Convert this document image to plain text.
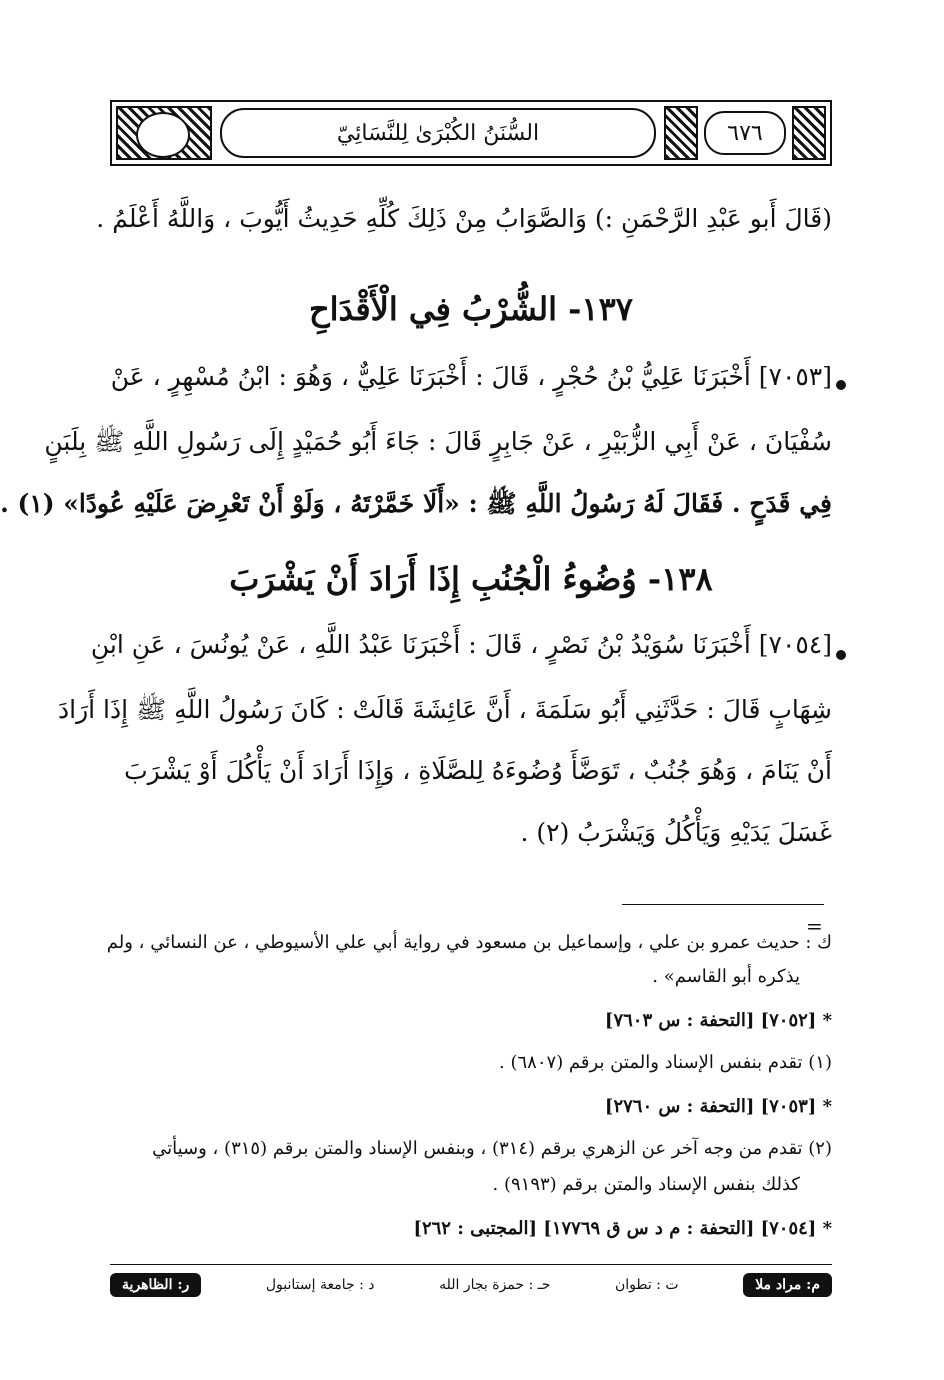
السُّنَنُ الكُبْرَىٰ لِلنَّسَائِيّ	٦٧٦
(قَالَ أَبو عَبْدِ الرَّحْمَنِ :) وَالصَّوَابُ مِنْ ذَلِكَ كُلِّهِ حَدِيثُ أَيُّوبَ ، وَاللَّهُ أَعْلَمُ .
١٣٧- الشُّرْبُ فِي الْأَقْدَاحِ
[٧٠٥٣] أَخْبَرَنَا عَلِيُّ بْنُ حُجْرٍ ، قَالَ : أَخْبَرَنَا عَلِيٌّ ، وَهُوَ : ابْنُ مُسْهِرٍ ، عَنْ
سُفْيَانَ ، عَنْ أَبِي الزُّبَيْرِ ، عَنْ جَابِرٍ قَالَ : جَاءَ أَبُو حُمَيْدٍ إِلَى رَسُولِ اللَّهِ ﷺ بِلَبَنٍ
فِي قَدَحٍ . فَقَالَ لَهُ رَسُولُ اللَّهِ ﷺ : «أَلَا خَمَّرْتَهُ ، وَلَوْ أَنْ تَعْرِضَ عَلَيْهِ عُودًا» (١) .
١٣٨- وُضُوءُ الْجُنُبِ إِذَا أَرَادَ أَنْ يَشْرَبَ
[٧٠٥٤] أَخْبَرَنَا سُوَيْدُ بْنُ نَصْرٍ ، قَالَ : أَخْبَرَنَا عَبْدُ اللَّهِ ، عَنْ يُونُسَ ، عَنِ ابْنِ
شِهَابٍ قَالَ : حَدَّثَنِي أَبُو سَلَمَةَ ، أَنَّ عَائِشَةَ قَالَتْ : كَانَ رَسُولُ اللَّهِ ﷺ إِذَا أَرَادَ
أَنْ يَنَامَ ، وَهُوَ جُنُبٌ ، تَوَضَّأَ وُضُوءَهُ لِلصَّلَاةِ ، وَإِذَا أَرَادَ أَنْ يَأْكُلَ أَوْ يَشْرَبَ
غَسَلَ يَدَيْهِ وَيَأْكُلُ وَيَشْرَبُ (٢) .
=
ك : حديث عمرو بن علي ، وإسماعيل بن مسعود في رواية أبي علي الأسيوطي ، عن النسائي ، ولم
يذكره أبو القاسم» .
* [٧٠٥٢] [التحفة : س ٧٦٠٣]
(١) تقدم بنفس الإسناد والمتن برقم (٦٨٠٧) .
* [٧٠٥٣] [التحفة : س ٢٧٦٠]
(٢) تقدم من وجه آخر عن الزهري برقم (٣١٤) ، وبنفس الإسناد والمتن برقم (٣١٥) ، وسيأتي
كذلك بنفس الإسناد والمتن برقم (٩١٩٣) .
* [٧٠٥٤] [التحفة : م د س ق ١٧٧٦٩] [المجتبى : ٢٦٢]
م: مراد ملا
ت : تطوان
حـ : حمزة بجار الله
د : جامعة إستانبول
ر: الظاهرية
